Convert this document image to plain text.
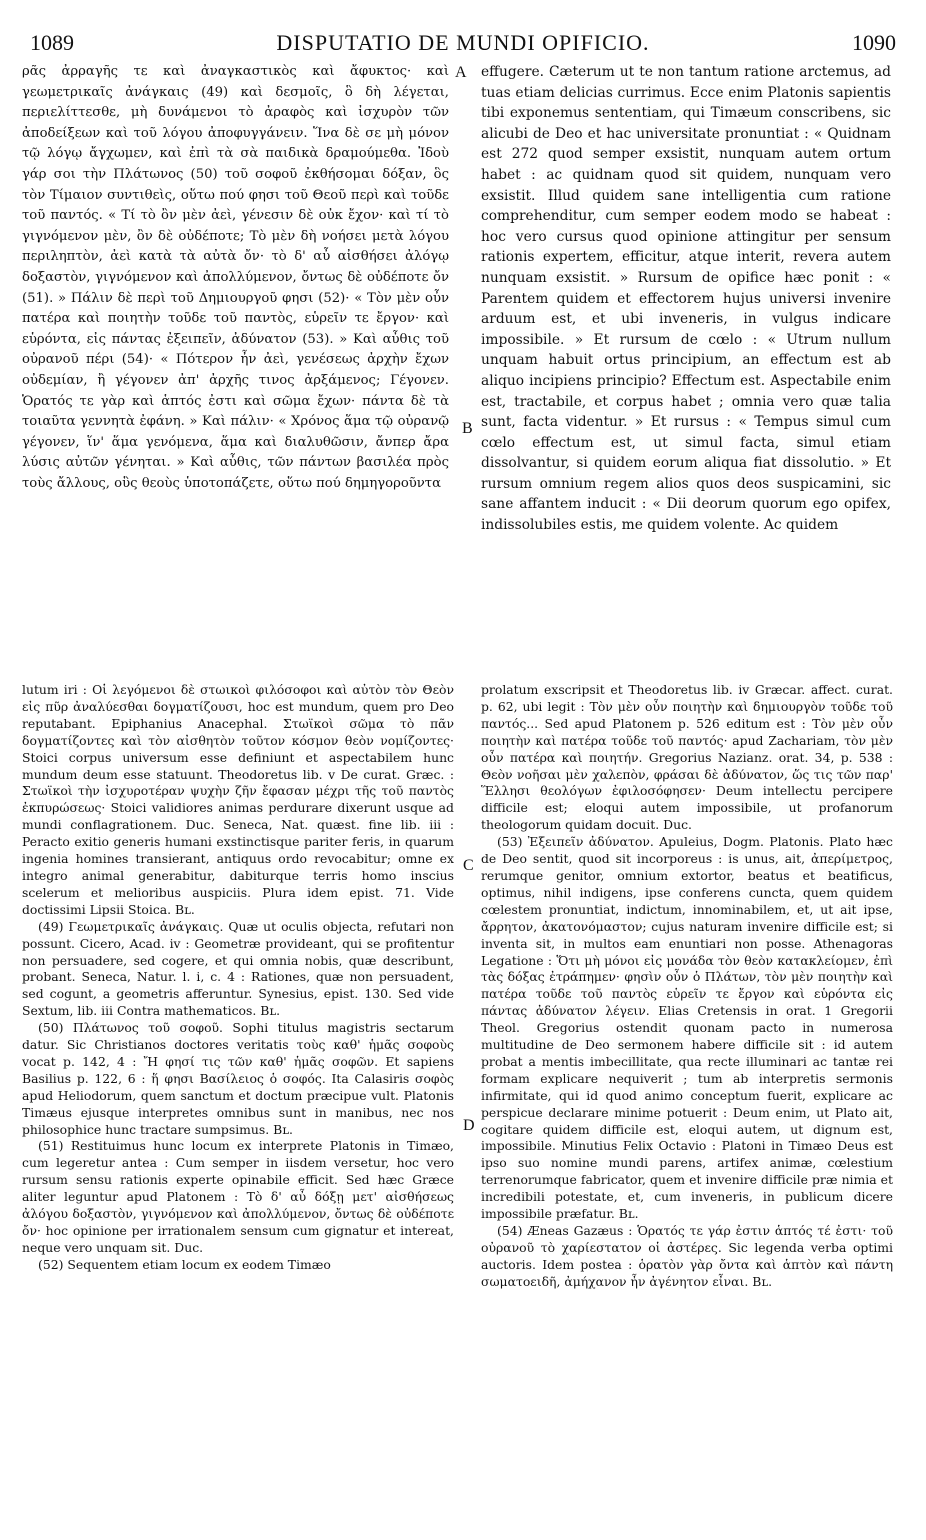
1089	DISPUTATIO DE MUNDI OPIFICIO.	1090

ρᾶς ἀρραγῆς τε καὶ ἀναγκαστικὸς καὶ ἄφυκτος· καὶ γεωμετρικαῖς ἀνάγκαις (49) καὶ δεσμοῖς, ὃ δὴ λέγεται, περιελίττεσθε, μὴ δυνάμενοι τὸ ἀραφὸς καὶ ἰσχυρὸν τῶν ἀποδείξεων καὶ τοῦ λόγου ἀποφυγγάνειν. Ἵνα δὲ σε μὴ μόνον τῷ λόγῳ ἄγχωμεν, καὶ ἐπὶ τὰ σὰ παιδικὰ δραμούμεθα. Ἰδοὺ γάρ σοι τὴν Πλάτωνος (50) τοῦ σοφοῦ ἐκθήσομαι δόξαν, ὃς τὸν Τίμαιον συντιθεὶς, οὕτω πού φησι τοῦ Θεοῦ περὶ καὶ τοῦδε τοῦ παντός. « Τί τὸ ὂν μὲν ἀεὶ, γένεσιν δὲ οὐκ ἔχον· καὶ τί τὸ γιγνόμενον μὲν, ὂν δὲ οὐδέποτε; Τὸ μὲν δὴ νοήσει μετὰ λόγου περιληπτὸν, ἀεὶ κατὰ τὰ αὐτὰ ὄν· τὸ δ' αὖ αἰσθήσει ἀλόγῳ δοξαστὸν, γιγνόμενον καὶ ἀπολλύμενον, ὄντως δὲ οὐδέποτε ὄν (51). » Πάλιν δὲ περὶ τοῦ Δημιουργοῦ φησι (52)· « Τὸν μὲν οὖν πατέρα καὶ ποιητὴν τοῦδε τοῦ παντὸς, εὑρεῖν τε ἔργον· καὶ εὑρόντα, εἰς πάντας ἐξειπεῖν, ἀδύνατον (53). » Καὶ αὖθις τοῦ οὐρανοῦ πέρι (54)· « Πότερον ἦν ἀεὶ, γενέσεως ἀρχὴν ἔχων οὐδεμίαν, ἢ γέγονεν ἀπ' ἀρχῆς τινος ἀρξάμενος; Γέγονεν. Ὁρατός τε γὰρ καὶ ἁπτός ἐστι καὶ σῶμα ἔχων· πάντα δὲ τὰ τοιαῦτα γεννητὰ ἐφάνη. » Καὶ πάλιν· « Χρόνος ἅμα τῷ οὐρανῷ γέγονεν, ἵν' ἅμα γενόμενα, ἅμα καὶ διαλυθῶσιν, ἄνπερ ἄρα λύσις αὐτῶν γένηται. » Καὶ αὖθις, τῶν πάντων βασιλέα πρὸς τοὺς ἄλλους, οὓς θεοὺς ὑποτοπάζετε, οὕτω πού δημηγοροῦντα

effugere. Cæterum ut te non tantum ratione arctemus, ad tuas etiam delicias currimus. Ecce enim Platonis sapientis tibi exponemus sententiam, qui Timæum conscribens, sic alicubi de Deo et hac universitate pronuntiat : « Quidnam est 272 quod semper exsistit, nunquam autem ortum habet : ac quidnam quod sit quidem, nunquam vero exsistit. Illud quidem sane intelligentia cum ratione comprehenditur, cum semper eodem modo se habeat : hoc vero cursus quod opinione attingitur per sensum rationis expertem, efficitur, atque interit, revera autem nunquam exsistit. » Rursum de opifice hæc ponit : « Parentem quidem et effectorem hujus universi invenire arduum est, et ubi inveneris, in vulgus indicare impossibile. » Et rursum de cœlo : « Utrum nullum unquam habuit ortus principium, an effectum est ab aliquo incipiens principio? Effectum est. Aspectabile enim est, tractabile, et corpus habet ; omnia vero quæ talia sunt, facta videntur. » Et rursus : « Tempus simul cum cœlo effectum est, ut simul facta, simul etiam dissolvantur, si quidem eorum aliqua fiat dissolutio. » Et rursum omnium regem alios quos deos suspicamini, sic sane affantem inducit : « Dii deorum quorum ego opifex, indissolubiles estis, me quidem volente. Ac quidem

A
B
C
D

lutum iri : Οἱ λεγόμενοι δὲ στωικοὶ φιλόσοφοι καὶ αὐτὸν τὸν Θεὸν εἰς πῦρ ἀναλύεσθαι δογματίζουσι, hoc est mundum, quem pro Deo reputabant. Epiphanius Anacephal. Στωϊκοὶ σῶμα τὸ πᾶν δογματίζοντες καὶ τὸν αἰσθητὸν τοῦτον κόσμον θεὸν νομίζοντες· Stoici corpus universum esse definiunt et aspectabilem hunc mundum deum esse statuunt. Theodoretus lib. v De curat. Græc. : Στωϊκοὶ τὴν ἰσχυροτέραν ψυχὴν ζῆν ἔφασαν μέχρι τῆς τοῦ παντὸς ἐκπυρώσεως· Stoici validiores animas perdurare dixerunt usque ad mundi conflagrationem. Duc. Seneca, Nat. quæst. fine lib. iii : Peracto exitio generis humani exstinctisque pariter feris, in quarum ingenia homines transierant, antiquus ordo revocabitur; omne ex integro animal generabitur, dabiturque terris homo inscius scelerum et melioribus auspiciis. Plura idem epist. 71. Vide doctissimi Lipsii Stoica. Bʟ.

(49) Γεωμετρικαῖς ἀνάγκαις. Quæ ut oculis objecta, refutari non possunt. Cicero, Acad. iv : Geometræ provideant, qui se profitentur non persuadere, sed cogere, et qui omnia nobis, quæ describunt, probant. Seneca, Natur. l. i, c. 4 : Rationes, quæ non persuadent, sed cogunt, a geometris afferuntur. Synesius, epist. 130. Sed vide Sextum, lib. iii Contra mathematicos. Bʟ.

(50) Πλάτωνος τοῦ σοφοῦ. Sophi titulus magistris sectarum datur. Sic Christianos doctores veritatis τοὺς καθ' ἡμᾶς σοφοὺς vocat p. 142, 4 : Ἤ φησί τις τῶν καθ' ἡμᾶς σοφῶν. Et sapiens Basilius p. 122, 6 : ἥ φησι Βασίλειος ὁ σοφός. Ita Calasiris σοφὸς apud Heliodorum, quem sanctum et doctum præcipue vult. Platonis Timæus ejusque interpretes omnibus sunt in manibus, nec nos philosophice hunc tractare sumpsimus. Bʟ.

(51) Restituimus hunc locum ex interprete Platonis in Timæo, cum legeretur antea : Cum semper in iisdem versetur, hoc vero rursum sensu rationis experte opinabile efficit. Sed hæc Græce aliter leguntur apud Platonem : Τὸ δ' αὖ δόξῃ μετ' αἰσθήσεως ἀλόγου δοξαστὸν, γιγνόμενον καὶ ἀπολλύμενον, ὄντως δὲ οὐδέποτε ὄν· hoc opinione per irrationalem sensum cum gignatur et intereat, neque vero unquam sit. Duc.

(52) Sequentem etiam locum ex eodem Timæo

prolatum exscripsit et Theodoretus lib. iv Græcar. affect. curat. p. 62, ubi legit : Τὸν μὲν οὖν ποιητὴν καὶ δημιουργὸν τοῦδε τοῦ παντός... Sed apud Platonem p. 526 editum est : Τὸν μὲν οὖν ποιητὴν καὶ πατέρα τοῦδε τοῦ παντός· apud Zachariam, τὸν μὲν οὖν πατέρα καὶ ποιητήν. Gregorius Nazianz. orat. 34, p. 538 : Θεὸν νοῆσαι μὲν χαλεπὸν, φράσαι δὲ ἀδύνατον, ὥς τις τῶν παρ' Ἕλλησι θεολόγων ἐφιλοσόφησεν· Deum intellectu percipere difficile est; eloqui autem impossibile, ut profanorum theologorum quidam docuit. Duc.

(53) Ἐξειπεῖν ἀδύνατον. Apuleius, Dogm. Platonis. Plato hæc de Deo sentit, quod sit incorporeus : is unus, ait, ἀπερίμετρος, rerumque genitor, omnium extortor, beatus et beatificus, optimus, nihil indigens, ipse conferens cuncta, quem quidem cœlestem pronuntiat, indictum, innominabilem, et, ut ait ipse, ἄρρητον, ἀκατονόμαστον; cujus naturam invenire difficile est; si inventa sit, in multos eam enuntiari non posse. Athenagoras Legatione : Ὅτι μὴ μόνοι εἰς μονάδα τὸν θεὸν κατακλείομεν, ἐπὶ τὰς δόξας ἐτράπημεν· φησὶν οὖν ὁ Πλάτων, τὸν μὲν ποιητὴν καὶ πατέρα τοῦδε τοῦ παντὸς εὑρεῖν τε ἔργον καὶ εὑρόντα εἰς πάντας ἀδύνατον λέγειν. Elias Cretensis in orat. 1 Gregorii Theol. Gregorius ostendit quonam pacto in numerosa multitudine de Deo sermonem habere difficile sit : id autem probat a mentis imbecillitate, qua recte illuminari ac tantæ rei formam explicare nequiverit ; tum ab interpretis sermonis infirmitate, qui id quod animo conceptum fuerit, explicare ac perspicue declarare minime potuerit : Deum enim, ut Plato ait, cogitare quidem difficile est, eloqui autem, ut dignum est, impossibile. Minutius Felix Octavio : Platoni in Timæo Deus est ipso suo nomine mundi parens, artifex animæ, cœlestium terrenorumque fabricator, quem et invenire difficile præ nimia et incredibili potestate, et, cum inveneris, in publicum dicere impossibile præfatur. Bʟ.

(54) Æneas Gazæus : Ὁρατός τε γάρ ἐστιν ἁπτός τέ ἐστι· τοῦ οὐρανοῦ τὸ χαρίεστατον οἱ ἀστέρες. Sic legenda verba optimi auctoris. Idem postea : ὁρατὸν γὰρ ὄντα καὶ ἁπτὸν καὶ πάντη σωματοειδῆ, ἀμήχανον ἦν ἀγένητον εἶναι. Bʟ.
